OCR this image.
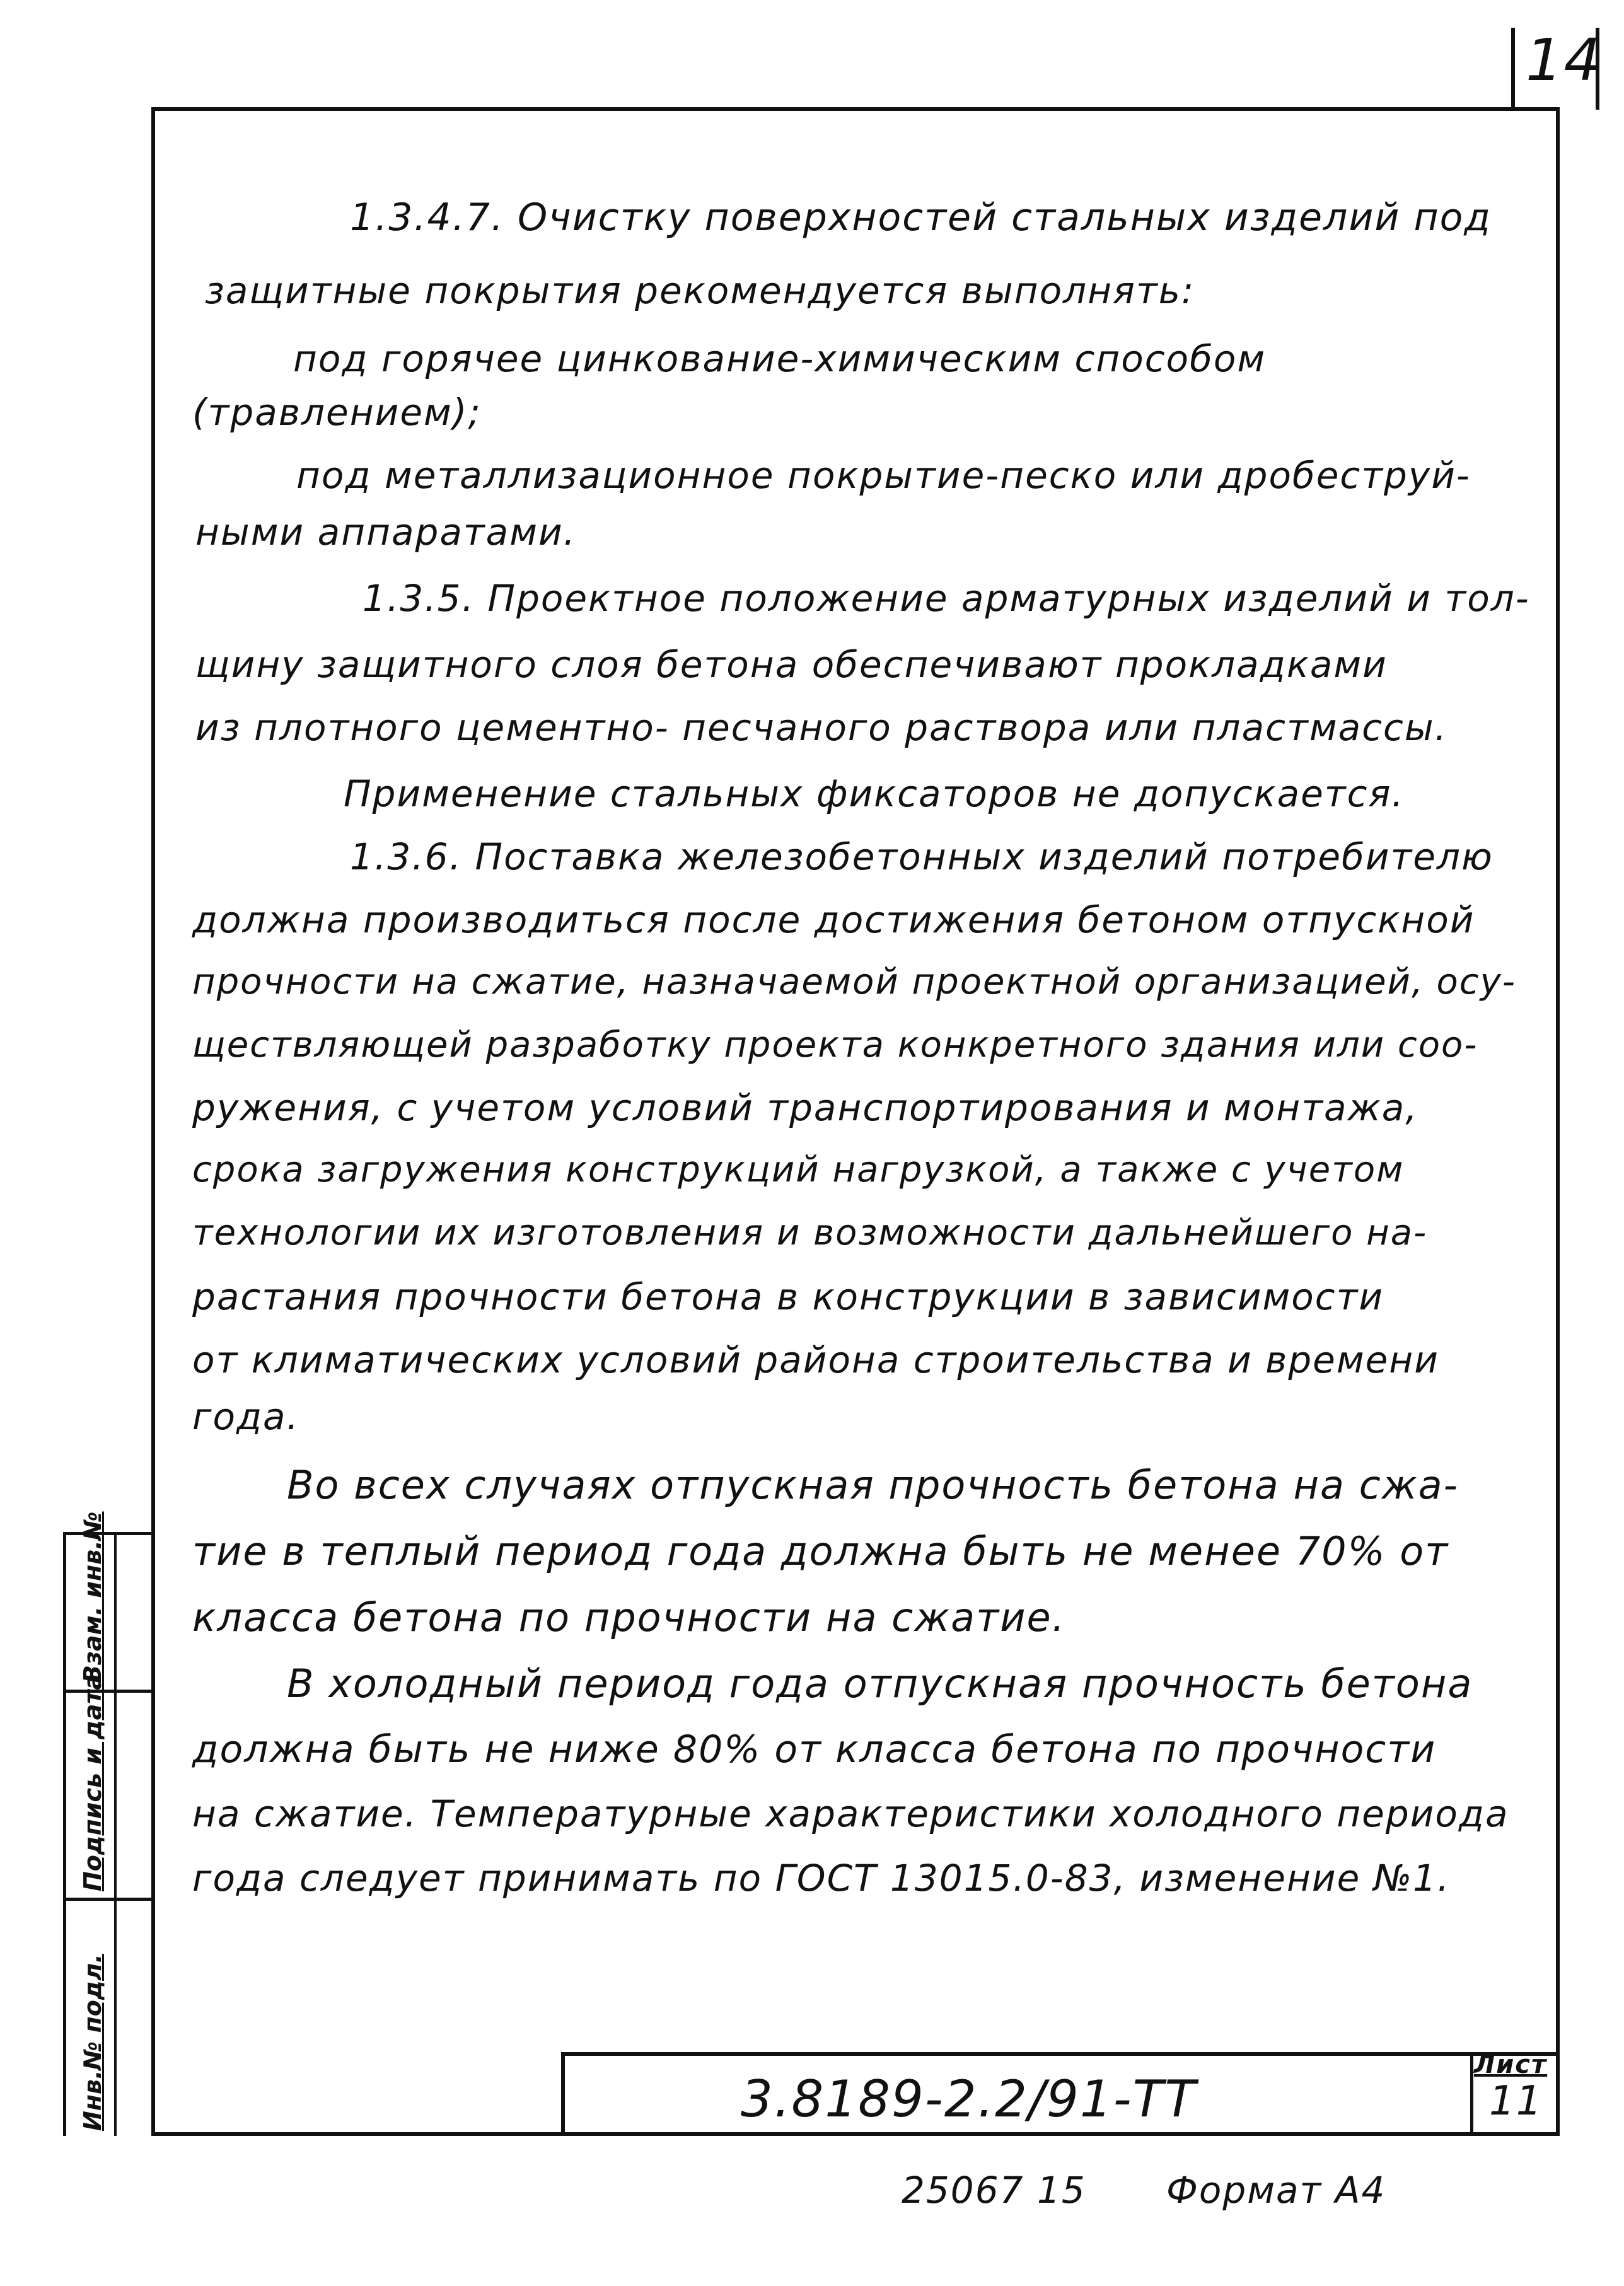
14
1.3.4.7. Очистку поверхностей стальных изделий под
защитные покрытия рекомендуется выполнять:
под горячее цинкование-химическим способом
(травлением);
под металлизационное покрытие-песко или дробеструй-
ными аппаратами.
1.3.5. Проектное положение арматурных изделий и тол-
щину защитного слоя бетона обеспечивают прокладками
из плотного цементно- песчаного раствора или пластмассы.
Применение стальных фиксаторов не допускается.
1.3.6. Поставка железобетонных изделий потребителю
должна производиться после достижения бетоном отпускной
прочности на сжатие, назначаемой проектной организацией, осу-
ществляющей разработку проекта конкретного здания или соо-
ружения, с учетом условий транспортирования и монтажа,
срока загружения конструкций нагрузкой, а также с учетом
технологии их изготовления и возможности дальнейшего на-
растания прочности бетона в конструкции в зависимости
от климатических условий района строительства и времени
года.
Во всех случаях отпускная прочность бетона на сжа-
тие в теплый период года должна быть не менее 70% от
класса бетона по прочности на сжатие.
В холодный период года отпускная прочность бетона
должна быть не ниже 80% от класса бетона по прочности
на сжатие. Температурные характеристики холодного периода
года следует принимать по ГОСТ 13015.0-83, изменение №1.
Взам. инв.№
Подпись и дата
Инв.№ подл.	3.8189-2.2/91-ТТ
Лист
11
25067 15 Формат А4
